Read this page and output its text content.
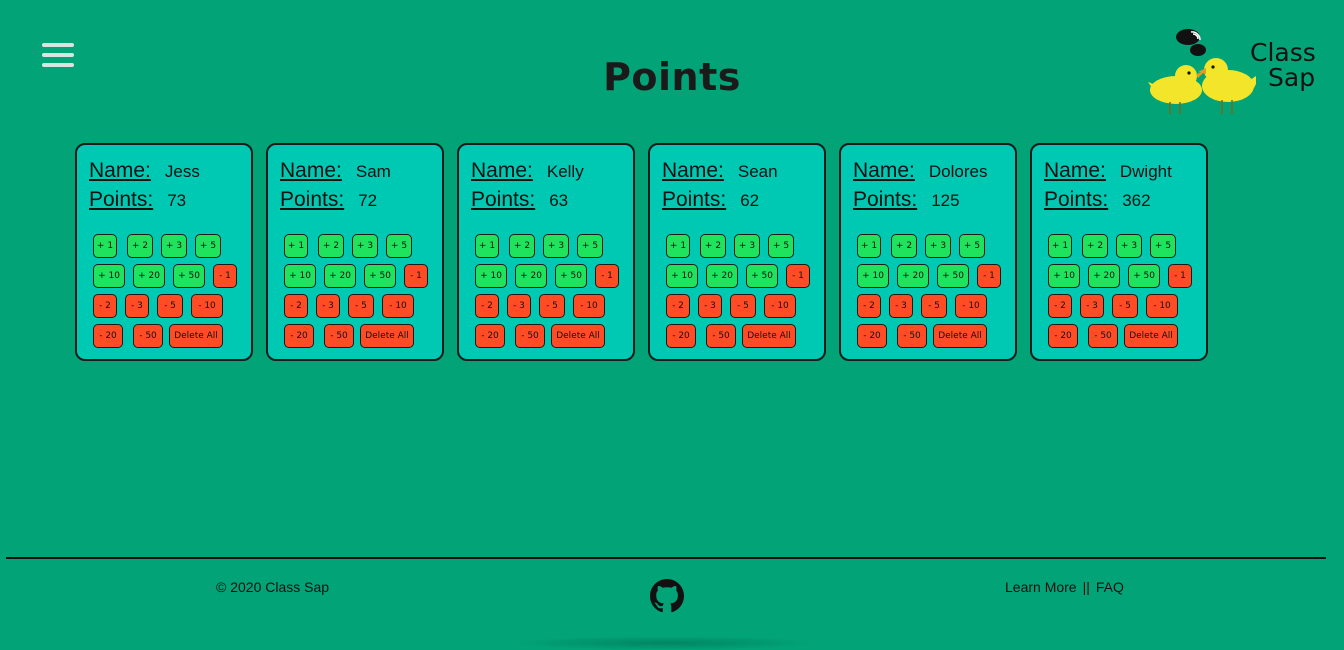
Points
Class
Sap
Name: Jess
Points: 73
+ 1	+ 2	+ 3	+ 5
+ 10	+ 20	+ 50	- 1
- 2	- 3	- 5	- 10
- 20	- 50	Delete All
Name: Sam
Points: 72
+ 1	+ 2	+ 3	+ 5
+ 10	+ 20	+ 50	- 1
- 2	- 3	- 5	- 10
- 20	- 50	Delete All
Name: Kelly
Points: 63
+ 1	+ 2	+ 3	+ 5
+ 10	+ 20	+ 50	- 1
- 2	- 3	- 5	- 10
- 20	- 50	Delete All
Name: Sean
Points: 62
+ 1	+ 2	+ 3	+ 5
+ 10	+ 20	+ 50	- 1
- 2	- 3	- 5	- 10
- 20	- 50	Delete All
Name: Dolores
Points: 125
+ 1	+ 2	+ 3	+ 5
+ 10	+ 20	+ 50	- 1
- 2	- 3	- 5	- 10
- 20	- 50	Delete All
Name: Dwight
Points: 362
+ 1	+ 2	+ 3	+ 5
+ 10	+ 20	+ 50	- 1
- 2	- 3	- 5	- 10
- 20	- 50	Delete All
© 2020 Class Sap	Learn More || FAQ
